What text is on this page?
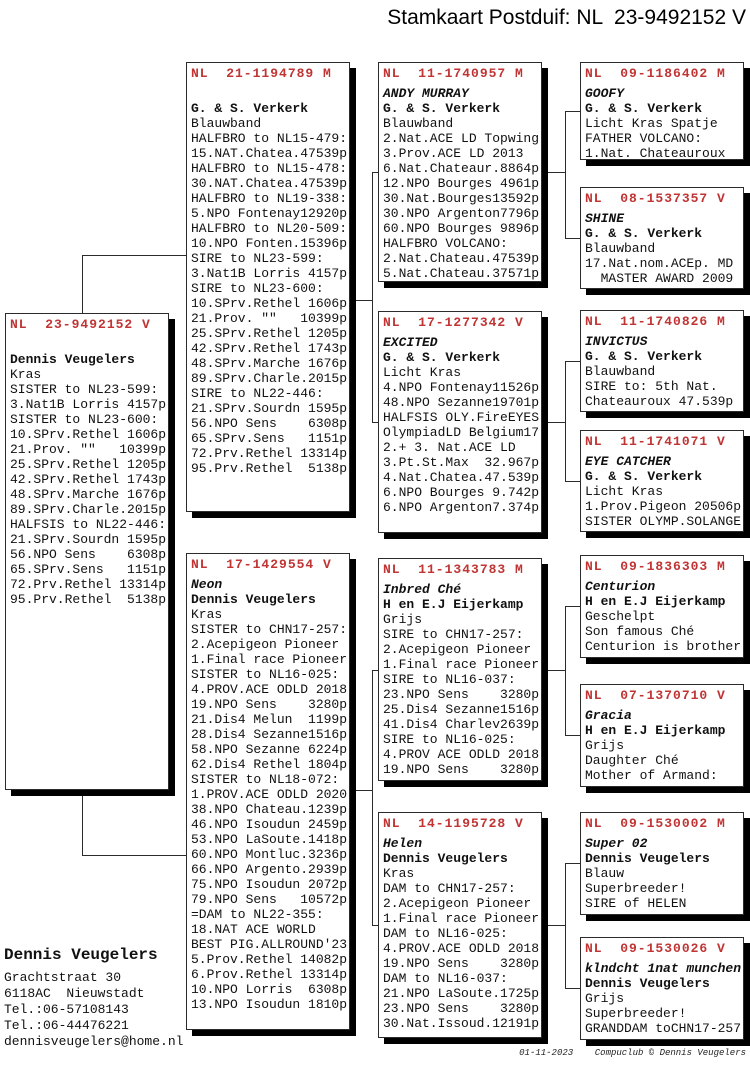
Stamkaart Postduif: NL  23-9492152 V
NL  23-9492152 V
Dennis Veugelers
Kras
SISTER to NL23-599:
3.Nat1B Lorris 4157p
SISTER to NL23-600:
10.SPrv.Rethel 1606p
21.Prov. ""   10399p
25.SPrv.Rethel 1205p
42.SPrv.Rethel 1743p
48.SPrv.Marche 1676p
89.SPrv.Charle.2015p
HALFSIS to NL22-446:
21.SPrv.Sourdn 1595p
56.NPO Sens    6308p
65.SPrv.Sens   1151p
72.Prv.Rethel 13314p
95.Prv.Rethel  5138p
NL  21-1194789 M
G. & S. Verkerk
Blauwband
HALFBRO to NL15-479:
15.NAT.Chatea.47539p
HALFBRO to NL15-478:
30.NAT.Chatea.47539p
HALFBRO to NL19-338:
5.NPO Fontenay12920p
HALFBRO to NL20-509:
10.NPO Fonten.15396p
SIRE to NL23-599:
3.Nat1B Lorris 4157p
SIRE to NL23-600:
10.SPrv.Rethel 1606p
21.Prov. ""   10399p
25.SPrv.Rethel 1205p
42.SPrv.Rethel 1743p
48.SPrv.Marche 1676p
89.SPrv.Charle.2015p
SIRE to NL22-446:
21.SPrv.Sourdn 1595p
56.NPO Sens    6308p
65.SPrv.Sens   1151p
72.Prv.Rethel 13314p
95.Prv.Rethel  5138p
NL  17-1429554 V
Neon
Dennis Veugelers
Kras
SISTER to CHN17-257:
2.Acepigeon Pioneer
1.Final race Pioneer
SISTER to NL16-025:
4.PROV.ACE ODLD 2018
19.NPO Sens    3280p
21.Dis4 Melun  1199p
28.Dis4 Sezanne1516p
58.NPO Sezanne 6224p
62.Dis4 Rethel 1804p
SISTER to NL18-072:
1.PROV.ACE ODLD 2020
38.NPO Chateau.1239p
46.NPO Isoudun 2459p
53.NPO LaSoute.1418p
60.NPO Montluc.3236p
66.NPO Argento.2939p
75.NPO Isoudun 2072p
79.NPO Sens   10572p
=DAM to NL22-355:
18.NAT ACE WORLD
BEST PIG.ALLROUND'23
5.Prov.Rethel 14082p
6.Prov.Rethel 13314p
10.NPO Lorris  6308p
13.NPO Isoudun 1810p
NL  11-1740957 M
ANDY MURRAY
G. & S. Verkerk
Blauwband
2.Nat.ACE LD Topwing
3.Prov.ACE LD 2013
6.Nat.Chateaur.8864p
12.NPO Bourges 4961p
30.Nat.Bourges13592p
30.NPO Argenton7796p
60.NPO Bourges 9896p
HALFBRO VOLCANO:
2.Nat.Chateau.47539p
5.Nat.Chateau.37571p
NL  17-1277342 V
EXCITED
G. & S. Verkerk
Licht Kras
4.NPO Fontenay11526p
48.NPO Sezanne19701p
HALFSIS OLY.FireEYES
OlympiadLD Belgium17
2.+ 3. Nat.ACE LD
3.Pt.St.Max  32.967p
4.Nat.Chatea.47.539p
6.NPO Bourges 9.742p
6.NPO Argenton7.374p
NL  11-1343783 M
Inbred Ché
H en E.J Eijerkamp
Grijs
SIRE to CHN17-257:
2.Acepigeon Pioneer
1.Final race Pioneer
SIRE to NL16-037:
23.NPO Sens    3280p
25.Dis4 Sezanne1516p
41.Dis4 Charlev2639p
SIRE to NL16-025:
4.PROV ACE ODLD 2018
19.NPO Sens    3280p
NL  14-1195728 V
Helen
Dennis Veugelers
Kras
DAM to CHN17-257:
2.Acepigeon Pioneer
1.Final race Pioneer
DAM to NL16-025:
4.PROV.ACE ODLD 2018
19.NPO Sens    3280p
DAM to NL16-037:
21.NPO LaSoute.1725p
23.NPO Sens    3280p
30.Nat.Issoud.12191p
NL  09-1186402 M
GOOFY
G. & S. Verkerk
Licht Kras Spatje
FATHER VOLCANO:
1.Nat. Chateauroux
NL  08-1537357 V
SHINE
G. & S. Verkerk
Blauwband
17.Nat.nom.ACEp. MD
MASTER AWARD 2009
NL  11-1740826 M
INVICTUS
G. & S. Verkerk
Blauwband
SIRE to: 5th Nat.
Chateauroux 47.539p
NL  11-1741071 V
EYE CATCHER
G. & S. Verkerk
Licht Kras
1.Prov.Pigeon 20506p
SISTER OLYMP.SOLANGE
NL  09-1836303 M
Centurion
H en E.J Eijerkamp
Geschelpt
Son famous Ché
Centurion is brother
NL  07-1370710 V
Gracia
H en E.J Eijerkamp
Grijs
Daughter Ché
Mother of Armand:
NL  09-1530002 M
Super 02
Dennis Veugelers
Blauw
Superbreeder!
SIRE of HELEN
NL  09-1530026 V
klndcht 1nat munchen
Dennis Veugelers
Grijs
Superbreeder!
GRANDDAM toCHN17-257
Dennis Veugelers
Grachtstraat 30
6118AC  Nieuwstadt
Tel.:06-57108143
Tel.:06-44476221
dennisveugelers@home.nl
01-11-2023    Compuclub © Dennis Veugelers
